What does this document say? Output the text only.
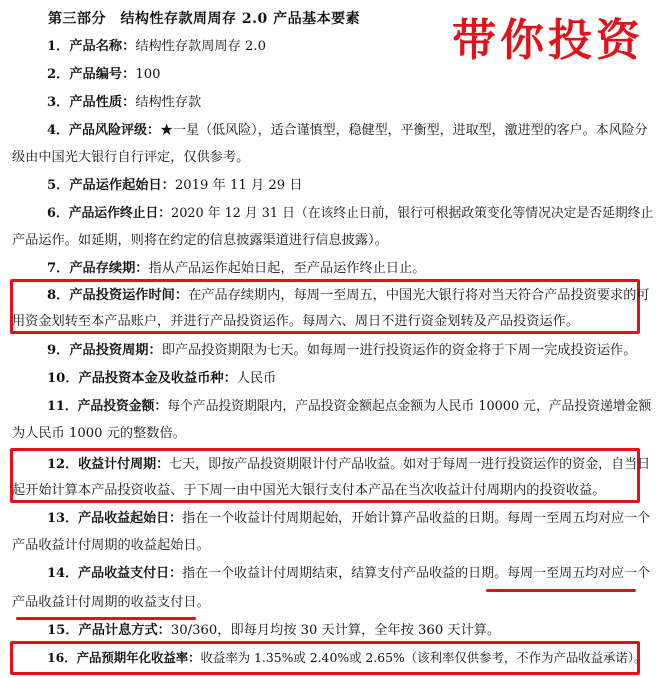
第三部分　结构性存款周周存 2.0 产品基本要素 带你投资
1．产品名称：结构性存款周周存 2.0
2．产品编号：100
3．产品性质：结构性存款
4．产品风险评级：★一星（低风险），适合谨慎型，稳健型，平衡型，进取型，激进型的客户。本风险分
级由中国光大银行自行评定，仅供参考。
5．产品运作起始日：2019 年 11 月 29 日
6．产品运作终止日：2020 年 12 月 31 日（在该终止日前，银行可根据政策变化等情况决定是否延期终止
产品运作。如延期，则将在约定的信息披露渠道进行信息披露）。
7．产品存续期：指从产品运作起始日起，至产品运作终止日止。
8．产品投资运作时间：在产品存续期内，每周一至周五，中国光大银行将对当天符合产品投资要求的可
用资金划转至本产品账户，并进行产品投资运作。每周六、周日不进行资金划转及产品投资运作。
9．产品投资周期：即产品投资期限为七天。如每周一进行投资运作的资金将于下周一完成投资运作。
10．产品投资本金及收益币种：人民币
11．产品投资金额：每个产品投资期限内，产品投资金额起点金额为人民币 10000 元，产品投资递增金额
为人民币 1000 元的整数倍。
12．收益计付周期：七天，即按产品投资期限计付产品收益。如对于每周一进行投资运作的资金，自当日
起开始计算本产品投资收益、于下周一由中国光大银行支付本产品在当次收益计付周期内的投资收益。
13．产品收益起始日：指在一个收益计付周期起始，开始计算产品收益的日期。每周一至周五均对应一个
产品收益计付周期的收益起始日。
14．产品收益支付日：指在一个收益计付周期结束，结算支付产品收益的日期。每周一至周五均对应一个
产品收益计付周期的收益支付日。
15．产品计息方式：30/360，即每月均按 30 天计算，全年按 360 天计算。
16．产品预期年化收益率：收益率为 1.35%或 2.40%或 2.65%（该利率仅供参考，不作为产品收益承诺）。
